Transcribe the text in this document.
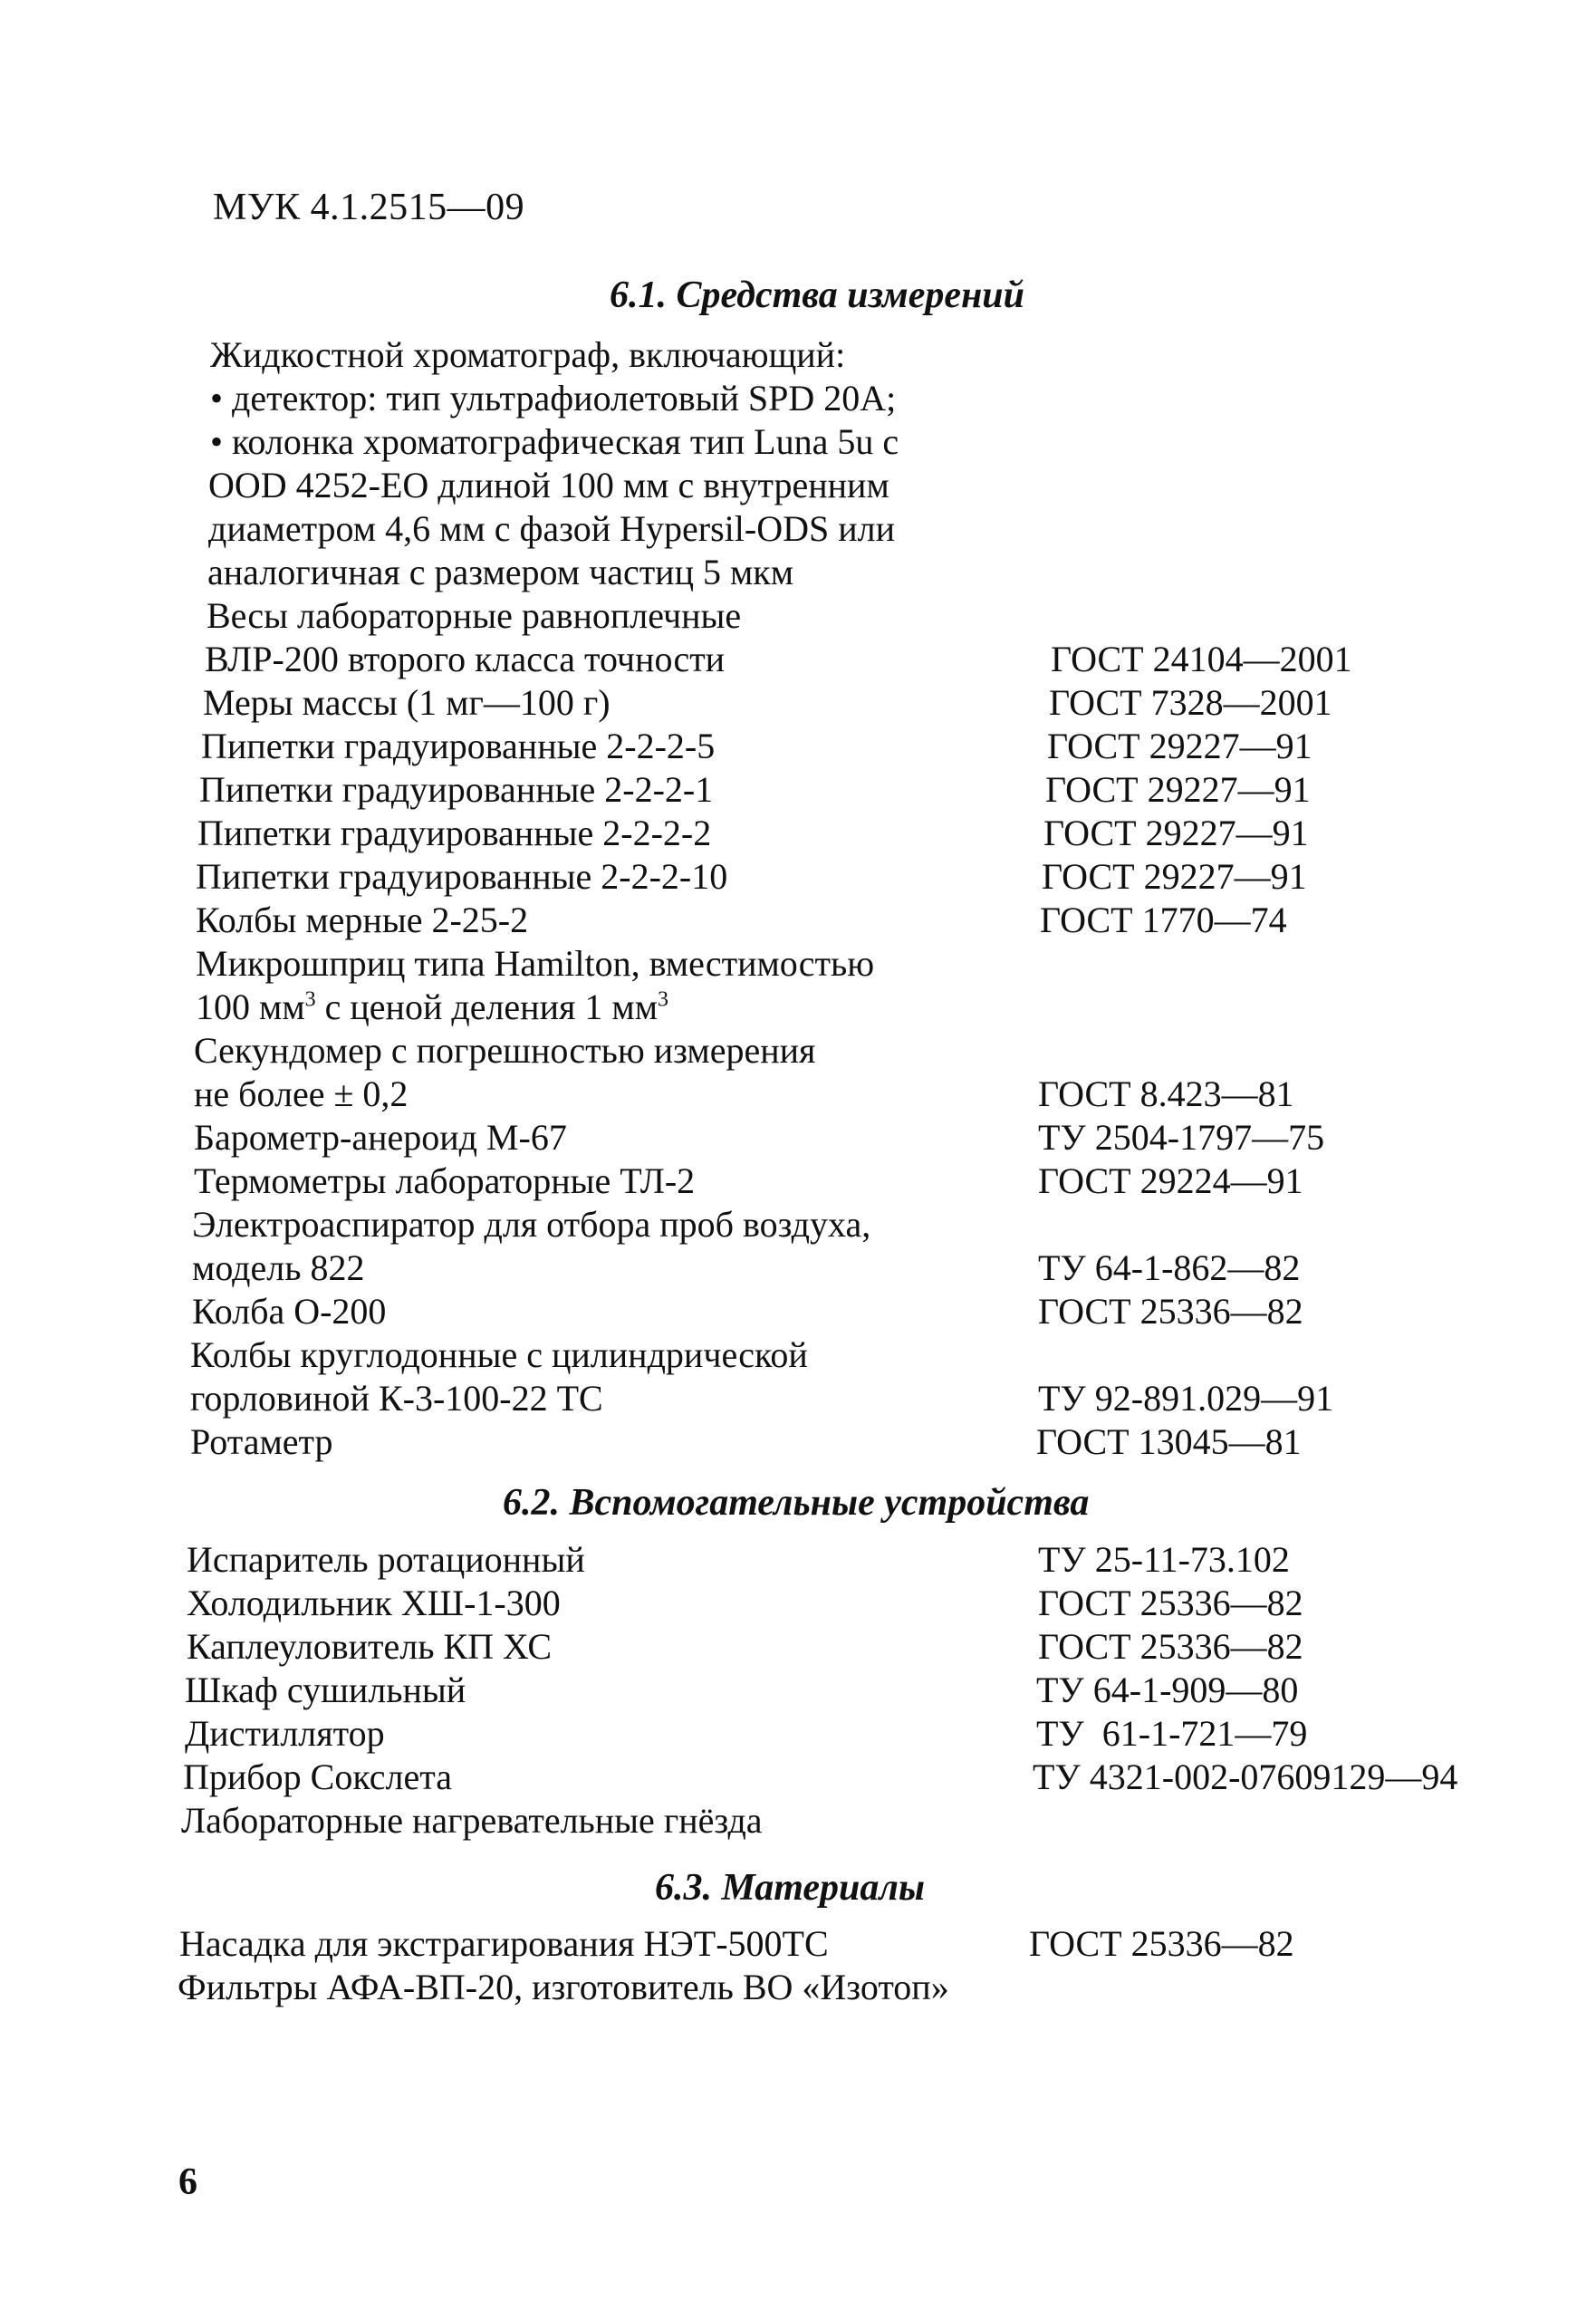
МУК 4.1.2515—09
6.1. Средства измерений
Жидкостной хроматограф, включающий:
• детектор: тип ультрафиолетовый SPD 20А;
• колонка хроматографическая тип Luna 5u с
OOD 4252-EO длиной 100 мм с внутренним
диаметром 4,6 мм с фазой Hypersil-ODS или
аналогичная с размером частиц 5 мкм
Весы лабораторные равноплечные
ВЛР-200 второго класса точности	ГОСТ 24104—2001
Меры массы (1 мг—100 г)	ГОСТ 7328—2001
Пипетки градуированные 2-2-2-5	ГОСТ 29227—91
Пипетки градуированные 2-2-2-1	ГОСТ 29227—91
Пипетки градуированные 2-2-2-2	ГОСТ 29227—91
Пипетки градуированные 2-2-2-10	ГОСТ 29227—91
Колбы мерные 2-25-2	ГОСТ 1770—74
Микрошприц типа Hamilton, вместимостью
100 $мм^3$ с ценой деления 1 $мм^3$
Секундомер с погрешностью измерения
не более ± 0,2	ГОСТ 8.423—81
Барометр-анероид М-67	ТУ 2504-1797—75
Термометры лабораторные ТЛ-2	ГОСТ 29224—91
Электроаспиратор для отбора проб воздуха,
модель 822	ТУ 64-1-862—82
Колба О-200	ГОСТ 25336—82
Колбы круглодонные с цилиндрической
горловиной К-3-100-22 ТС	ТУ 92-891.029—91
Ротаметр	ГОСТ 13045—81
6.2. Вспомогательные устройства
Испаритель ротационный	ТУ 25-11-73.102
Холодильник ХШ-1-300	ГОСТ 25336—82
Каплеуловитель КП ХС	ГОСТ 25336—82
Шкаф сушильный	ТУ 64-1-909—80
Дистиллятор	ТУ  61-1-721—79
Прибор Сокслета	ТУ 4321-002-07609129—94
Лабораторные нагревательные гнёзда
6.3. Материалы
Насадка для экстрагирования НЭТ-500ТС	ГОСТ 25336—82
Фильтры АФА-ВП-20, изготовитель ВО «Изотоп»
6
